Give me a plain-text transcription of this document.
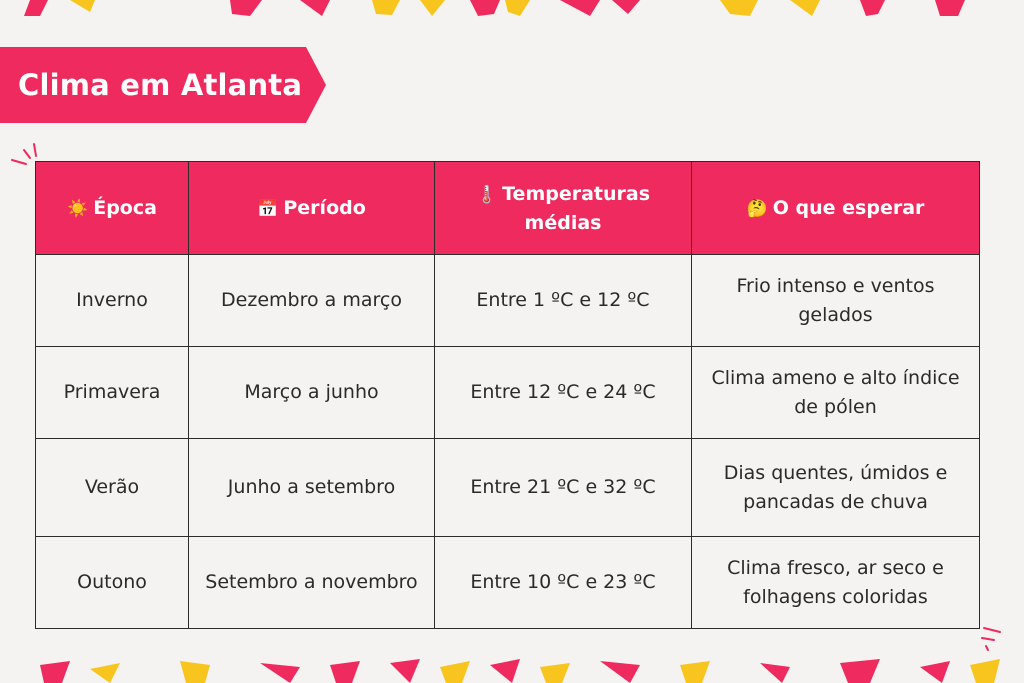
Clima em Atlanta
☀️ Época	📅 Período	🌡️ Temperaturas médias	🤔 O que esperar
Inverno	Dezembro a março	Entre 1 ºC e 12 ºC	Frio intenso e ventos gelados
Primavera	Março a junho	Entre 12 ºC e 24 ºC	Clima ameno e alto índice de pólen
Verão	Junho a setembro	Entre 21 ºC e 32 ºC	Dias quentes, úmidos e pancadas de chuva
Outono	Setembro a novembro	Entre 10 ºC e 23 ºC	Clima fresco, ar seco e folhagens coloridas
